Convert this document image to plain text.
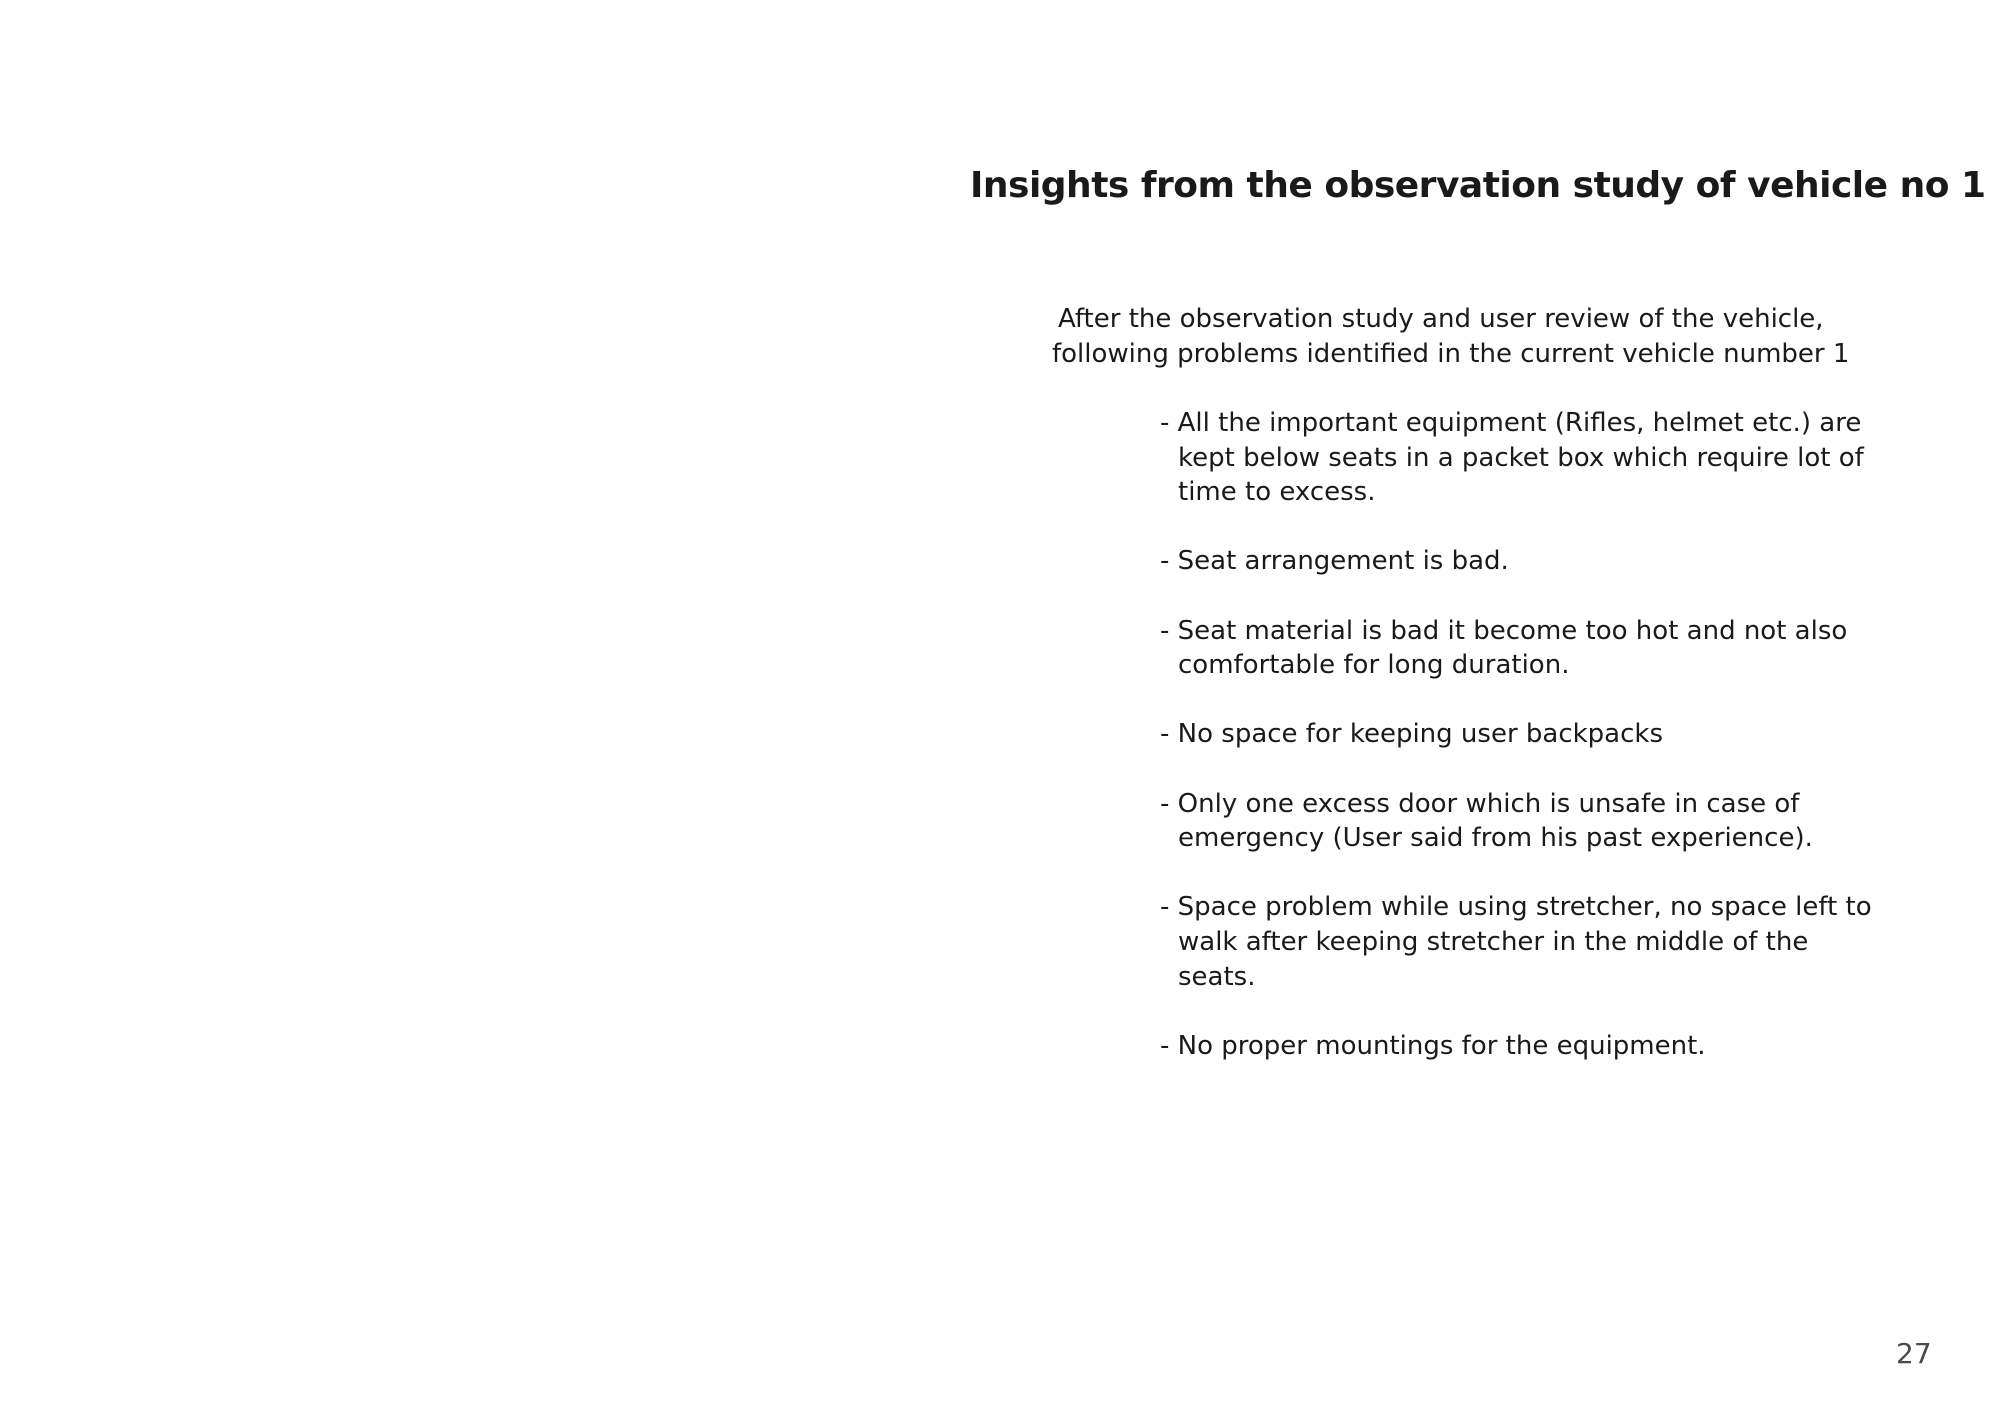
Insights from the observation study of vehicle no 1

After the observation study and user review of the vehicle,
following problems identified in the current vehicle number 1

- All the important equipment (Rifles, helmet etc.) are kept below seats in a packet box which require lot of time to excess.
- Seat arrangement is bad.
- Seat material is bad it become too hot and not also comfortable for long duration.
- No space for keeping user backpacks
- Only one excess door which is unsafe in case of emergency (User said from his past experience).
- Space problem while using stretcher, no space left to walk after keeping stretcher in the middle of the seats.
- No proper mountings for the equipment.
27
